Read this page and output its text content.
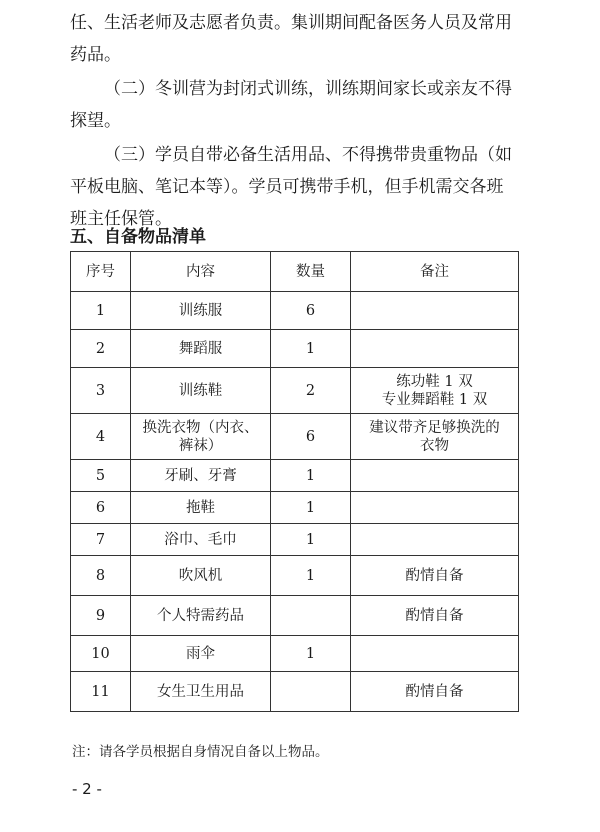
任、生活老师及志愿者负责。集训期间配备医务人员及常用
药品。
（二）冬训营为封闭式训练，训练期间家长或亲友不得
探望。
（三）学员自带必备生活用品、不得携带贵重物品（如
平板电脑、笔记本等）。学员可携带手机，但手机需交各班
班主任保管。
五、自备物品清单
序号	内容	数量	备注
1	训练服	6	
2	舞蹈服	1	
3	训练鞋	2	练功鞋 1 双
专业舞蹈鞋 1 双
4	换洗衣物（内衣、
裤袜）	6	建议带齐足够换洗的
衣物
5	牙刷、牙膏	1	
6	拖鞋	1	
7	浴巾、毛巾	1	
8	吹风机	1	酌情自备
9	个人特需药品		酌情自备
10	雨伞	1	
11	女生卫生用品		酌情自备
注：请各学员根据自身情况自备以上物品。
- 2 -
